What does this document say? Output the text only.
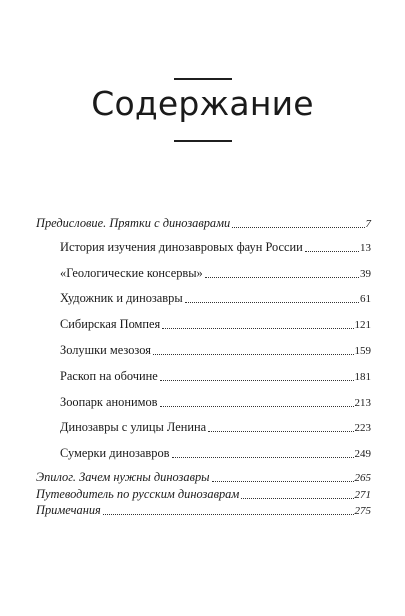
Содержание
Предисловие. Прятки с динозаврами	7
История изучения динозавровых фаун России	13
«Геологические консервы»	39
Художник и динозавры	61
Сибирская Помпея	121
Золушки мезозоя	159
Раскоп на обочине	181
Зоопарк анонимов	213
Динозавры с улицы Ленина	223
Сумерки динозавров	249
Эпилог. Зачем нужны динозавры	265
Путеводитель по русским динозаврам	271
Примечания	275
